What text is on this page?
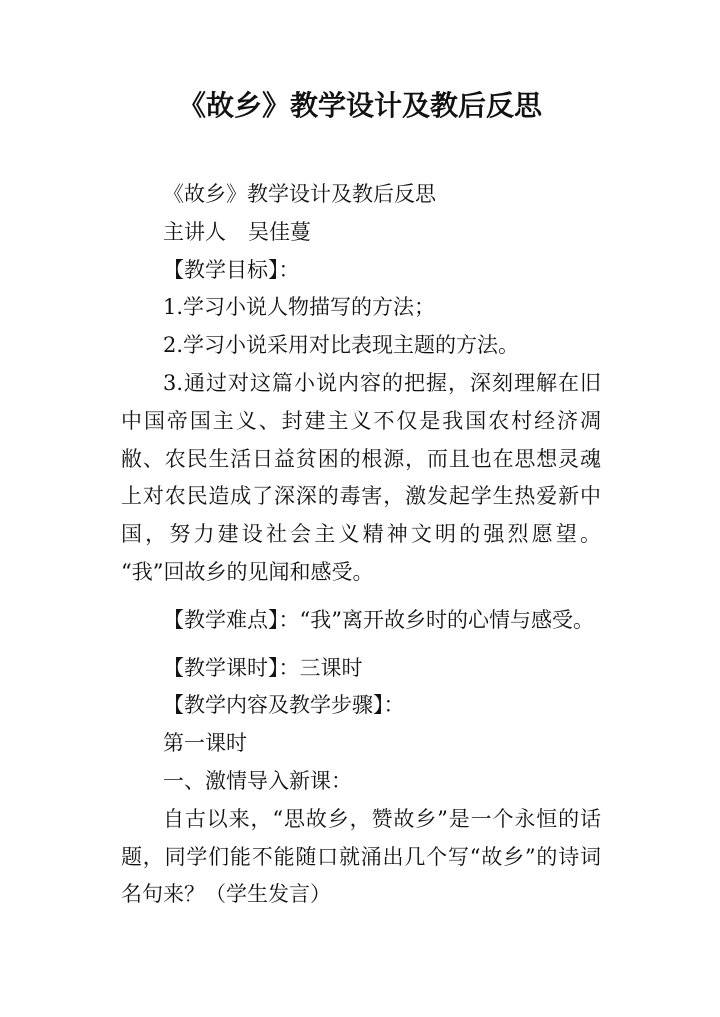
《故乡》教学设计及教后反思

《故乡》教学设计及教后反思

主讲人 吴佳蔓

【教学目标】：

1.学习小说人物描写的方法；

2.学习小说采用对比表现主题的方法。

3.通过对这篇小说内容的把握，深刻理解在旧中国帝国主义、封建主义不仅是我国农村经济凋敝、农民生活日益贫困的根源，而且也在思想灵魂上对农民造成了深深的毒害，激发起学生热爱新中国，努力建设社会主义精神文明的强烈愿望。 “我”回故乡的见闻和感受。

【教学难点】：“我”离开故乡时的心情与感受。

【教学课时】：三课时

【教学内容及教学步骤】：

第一课时

一、激情导入新课：

自古以来，“思故乡，赞故乡”是一个永恒的话题，同学们能不能随口就涌出几个写“故乡”的诗词名句来？（学生发言）
